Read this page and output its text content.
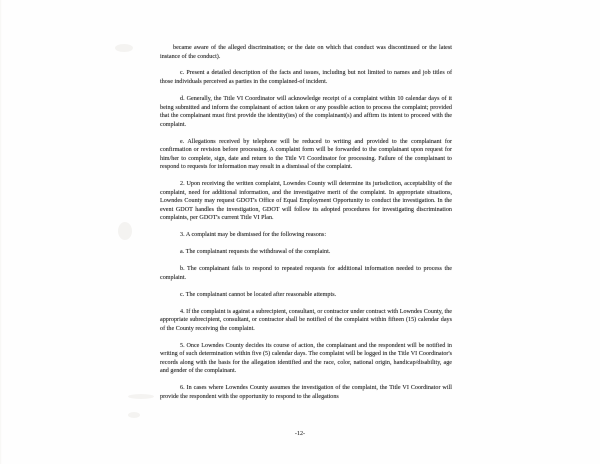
became aware of the alleged discrimination; or the date on which that conduct was discontinued or the latest instance of the conduct).

c. Present a detailed description of the facts and issues, including but not limited to names and job titles of those individuals perceived as parties in the complained-of incident.

d. Generally, the Title VI Coordinator will acknowledge receipt of a complaint within 10 calendar days of it being submitted and inform the complainant of action taken or any possible action to process the complaint; provided that the complainant must first provide the identity(ies) of the complainant(s) and affirm its intent to proceed with the complaint.

e. Allegations received by telephone will be reduced to writing and provided to the complainant for confirmation or revision before processing. A complaint form will be forwarded to the complainant upon request for him/her to complete, sign, date and return to the Title VI Coordinator for processing. Failure of the complainant to respond to requests for information may result in a dismissal of the complaint.

2. Upon receiving the written complaint, Lowndes County will determine its jurisdiction, acceptability of the complaint, need for additional information, and the investigative merit of the complaint. In appropriate situations, Lowndes County may request GDOT's Office of Equal Employment Opportunity to conduct the investigation. In the event GDOT handles the investigation, GDOT will follow its adopted procedures for investigating discrimination complaints, per GDOT's current Title VI Plan.

3. A complaint may be dismissed for the following reasons:

a. The complainant requests the withdrawal of the complaint.

b. The complainant fails to respond to repeated requests for additional information needed to process the complaint.

c. The complainant cannot be located after reasonable attempts.

4. If the complaint is against a subrecipient, consultant, or contractor under contract with Lowndes County, the appropriate subrecipient, consultant, or contractor shall be notified of the complaint within fifteen (15) calendar days of the County receiving the complaint.

5. Once Lowndes County decides its course of action, the complainant and the respondent will be notified in writing of such determination within five (5) calendar days. The complaint will be logged in the Title VI Coordinator's records along with the basis for the allegation identified and the race, color, national origin, handicap/disability, age and gender of the complainant.

6. In cases where Lowndes County assumes the investigation of the complaint, the Title VI Coordinator will provide the respondent with the opportunity to respond to the allegations

-12-
